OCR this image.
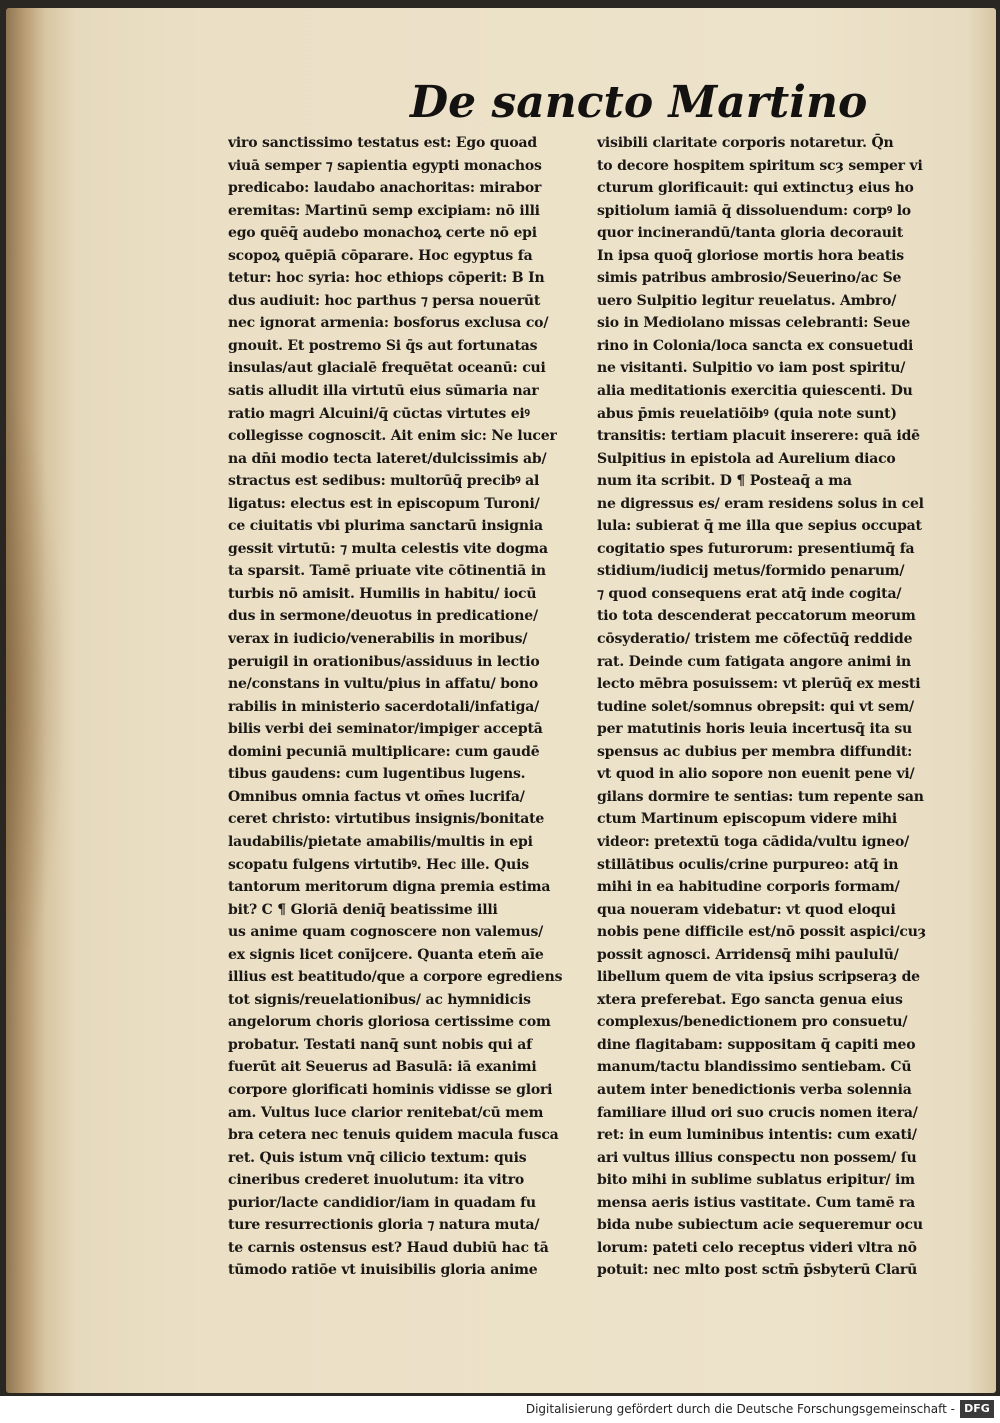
De sancto Martino
viro sanctissimo testatus est: Ego quoad
viuā semper ⁊ sapientia egypti monachos
predicabo: laudabo anachoritas: mirabor
eremitas: Martinū semp excipiam: nō illi
ego quēq̄ audebo monachoꝝ certe nō epi
scopoꝝ quēpiā cōparare. Hoc egyptus fa
tetur: hoc syria: hoc ethiops cōperit: B In
dus audiuit: hoc parthus ⁊ persa nouerūt
nec ignorat armenia: bosforus exclusa co/
gnouit. Et postremo Si q̄s aut fortunatas
insulas/aut glacialē frequētat oceanū: cui
satis alludit illa virtutū eius sūmaria nar
ratio magri Alcuini/q̄ cūctas virtutes eiꝰ
collegisse cognoscit. Ait enim sic: Ne lucer
na dn̄i modio tecta lateret/dulcissimis ab/
stractus est sedibus: multorūq̄ precibꝰ al
ligatus: electus est in episcopum Turoni/
ce ciuitatis vbi plurima sanctarū insignia
gessit virtutū: ⁊ multa celestis vite dogma
ta sparsit. Tamē priuate vite cōtinentiā in
turbis nō amisit. Humilis in habitu/ iocū
dus in sermone/deuotus in predicatione/
verax in iudicio/venerabilis in moribus/
peruigil in orationibus/assiduus in lectio
ne/constans in vultu/pius in affatu/ bono
rabilis in ministerio sacerdotali/infatiga/
bilis verbi dei seminator/impiger acceptā
domini pecuniā multiplicare: cum gaudē
tibus gaudens: cum lugentibus lugens.
Omnibus omnia factus vt om̄es lucrifa/
ceret christo: virtutibus insignis/bonitate
laudabilis/pietate amabilis/multis in epi
scopatu fulgens virtutibꝰ. Hec ille. Quis
tantorum meritorum digna premia estima
bit? C ¶ Gloriā deniq̄ beatissime illi
us anime quam cognoscere non valemus/
ex signis licet conījcere. Quanta etem̄ aīe
illius est beatitudo/que a corpore egrediens
tot signis/reuelationibus/ ac hymnidicis
angelorum choris gloriosa certissime com
probatur. Testati nanq̄ sunt nobis qui af
fuerūt ait Seuerus ad Basulā: iā exanimi
corpore glorificati hominis vidisse se glori
am. Vultus luce clarior renitebat/cū mem
bra cetera nec tenuis quidem macula fusca
ret. Quis istum vnq̄ cilicio textum: quis
cineribus crederet inuolutum: ita vitro
purior/lacte candidior/iam in quadam fu
ture resurrectionis gloria ⁊ natura muta/
te carnis ostensus est? Haud dubiū hac tā
tūmodo ratiōe vt inuisibilis gloria anime
visibili claritate corporis notaretur. Q̄n
to decore hospitem spiritum scȝ semper vi
cturum glorificauit: qui extinctuȝ eius ho
spitiolum iamiā q̄ dissoluendum: corpꝰ lo
quor incinerandū/tanta gloria decorauit
In ipsa quoq̄ gloriose mortis hora beatis
simis patribus ambrosio/Seuerino/ac Se
uero Sulpitio legitur reuelatus. Ambro/
sio in Mediolano missas celebranti: Seue
rino in Colonia/loca sancta ex consuetudi
ne visitanti. Sulpitio vo iam post spiritu/
alia meditationis exercitia quiescenti. Du
abus p̄mis reuelatiōibꝰ (quia note sunt)
transitis: tertiam placuit inserere: quā idē
Sulpitius in epistola ad Aurelium diaco
num ita scribit. D ¶ Posteaq̄ a ma
ne digressus es/ eram residens solus in cel
lula: subierat q̄ me illa que sepius occupat
cogitatio spes futurorum: presentiumq̄ fa
stidium/iudicij metus/formido penarum/
⁊ quod consequens erat atq̄ inde cogita/
tio tota descenderat peccatorum meorum
cōsyderatio/ tristem me cōfectūq̄ reddide
rat. Deinde cum fatigata angore animi in
lecto mēbra posuissem: vt plerūq̄ ex mesti
tudine solet/somnus obrepsit: qui vt sem/
per matutinis horis leuia incertusq̄ ita su
spensus ac dubius per membra diffundit:
vt quod in alio sopore non euenit pene vi/
gilans dormire te sentias: tum repente san
ctum Martinum episcopum videre mihi
videor: pretextū toga cādida/vultu igneo/
stillātibus oculis/crine purpureo: atq̄ in
mihi in ea habitudine corporis formam/
qua noueram videbatur: vt quod eloqui
nobis pene difficile est/nō possit aspici/cuȝ
possit agnosci. Arridensq̄ mihi paululū/
libellum quem de vita ipsius scripseraȝ de
xtera preferebat. Ego sancta genua eius
complexus/benedictionem pro consuetu/
dine flagitabam: suppositam q̄ capiti meo
manum/tactu blandissimo sentiebam. Cū
autem inter benedictionis verba solennia
familiare illud ori suo crucis nomen itera/
ret: in eum luminibus intentis: cum exati/
ari vultus illius conspectu non possem/ ſu
bito mihi in sublime sublatus eripitur/ im
mensa aeris istius vastitate. Cum tamē ra
bida nube subiectum acie sequeremur ocu
lorum: pateti celo receptus videri vltra nō
potuit: nec mlto post sctm̄ p̄sbyterū Clarū
Digitalisierung gefördert durch die Deutsche Forschungsgemeinschaft - DFG
